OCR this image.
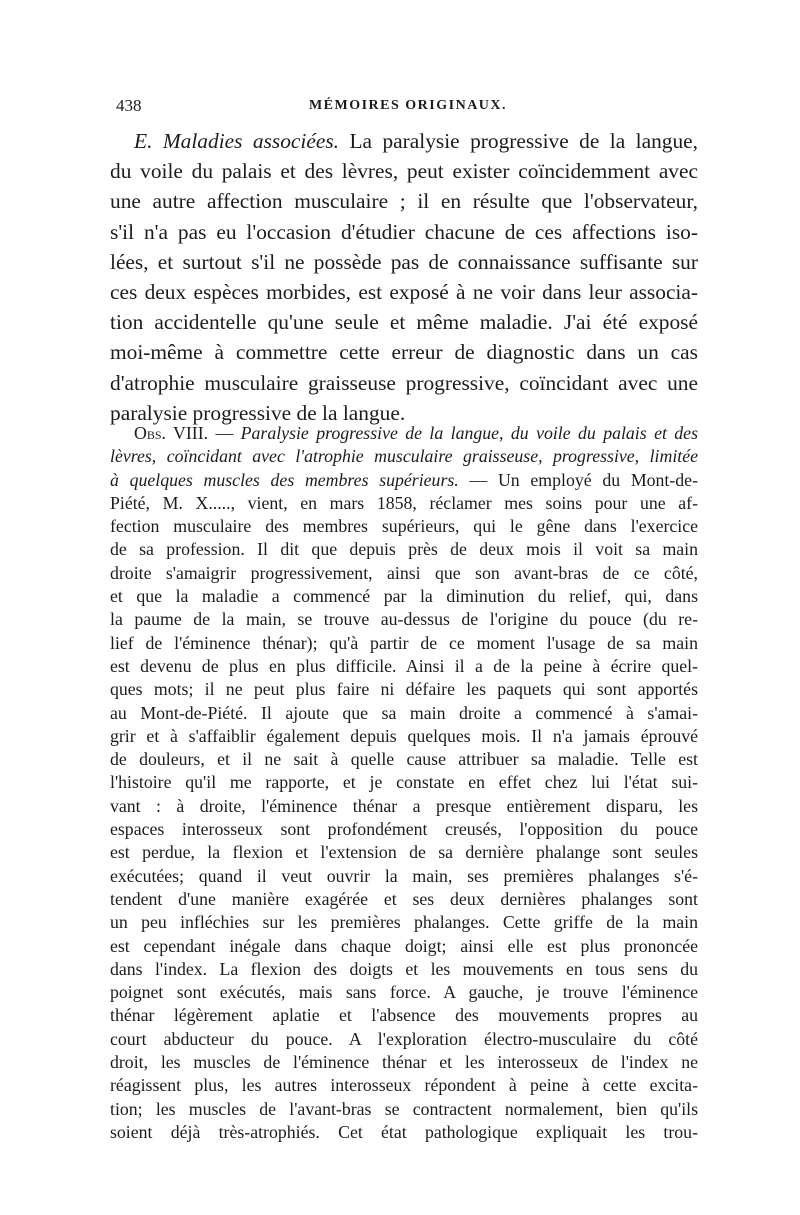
438	MÉMOIRES ORIGINAUX.
E. Maladies associées. La paralysie progressive de la langue,
du voile du palais et des lèvres, peut exister coïncidemment avec
une autre affection musculaire ; il en résulte que l'observateur,
s'il n'a pas eu l'occasion d'étudier chacune de ces affections iso-
lées, et surtout s'il ne possède pas de connaissance suffisante sur
ces deux espèces morbides, est exposé à ne voir dans leur associa-
tion accidentelle qu'une seule et même maladie. J'ai été exposé
moi-même à commettre cette erreur de diagnostic dans un cas
d'atrophie musculaire graisseuse progressive, coïncidant avec une
paralysie progressive de la langue.
Obs. VIII. — Paralysie progressive de la langue, du voile du palais et des
lèvres, coïncidant avec l'atrophie musculaire graisseuse, progressive, limitée
à quelques muscles des membres supérieurs. — Un employé du Mont-de-
Piété, M. X....., vient, en mars 1858, réclamer mes soins pour une af-
fection musculaire des membres supérieurs, qui le gêne dans l'exercice
de sa profession. Il dit que depuis près de deux mois il voit sa main
droite s'amaigrir progressivement, ainsi que son avant-bras de ce côté,
et que la maladie a commencé par la diminution du relief, qui, dans
la paume de la main, se trouve au-dessus de l'origine du pouce (du re-
lief de l'éminence thénar); qu'à partir de ce moment l'usage de sa main
est devenu de plus en plus difficile. Ainsi il a de la peine à écrire quel-
ques mots; il ne peut plus faire ni défaire les paquets qui sont apportés
au Mont-de-Piété. Il ajoute que sa main droite a commencé à s'amai-
grir et à s'affaiblir également depuis quelques mois. Il n'a jamais éprouvé
de douleurs, et il ne sait à quelle cause attribuer sa maladie. Telle est
l'histoire qu'il me rapporte, et je constate en effet chez lui l'état sui-
vant : à droite, l'éminence thénar a presque entièrement disparu, les
espaces interosseux sont profondément creusés, l'opposition du pouce
est perdue, la flexion et l'extension de sa dernière phalange sont seules
exécutées; quand il veut ouvrir la main, ses premières phalanges s'é-
tendent d'une manière exagérée et ses deux dernières phalanges sont
un peu infléchies sur les premières phalanges. Cette griffe de la main
est cependant inégale dans chaque doigt; ainsi elle est plus prononcée
dans l'index. La flexion des doigts et les mouvements en tous sens du
poignet sont exécutés, mais sans force. A gauche, je trouve l'éminence
thénar légèrement aplatie et l'absence des mouvements propres au
court abducteur du pouce. A l'exploration électro-musculaire du côté
droit, les muscles de l'éminence thénar et les interosseux de l'index ne
réagissent plus, les autres interosseux répondent à peine à cette excita-
tion; les muscles de l'avant-bras se contractent normalement, bien qu'ils
soient déjà très-atrophiés. Cet état pathologique expliquait les trou-
